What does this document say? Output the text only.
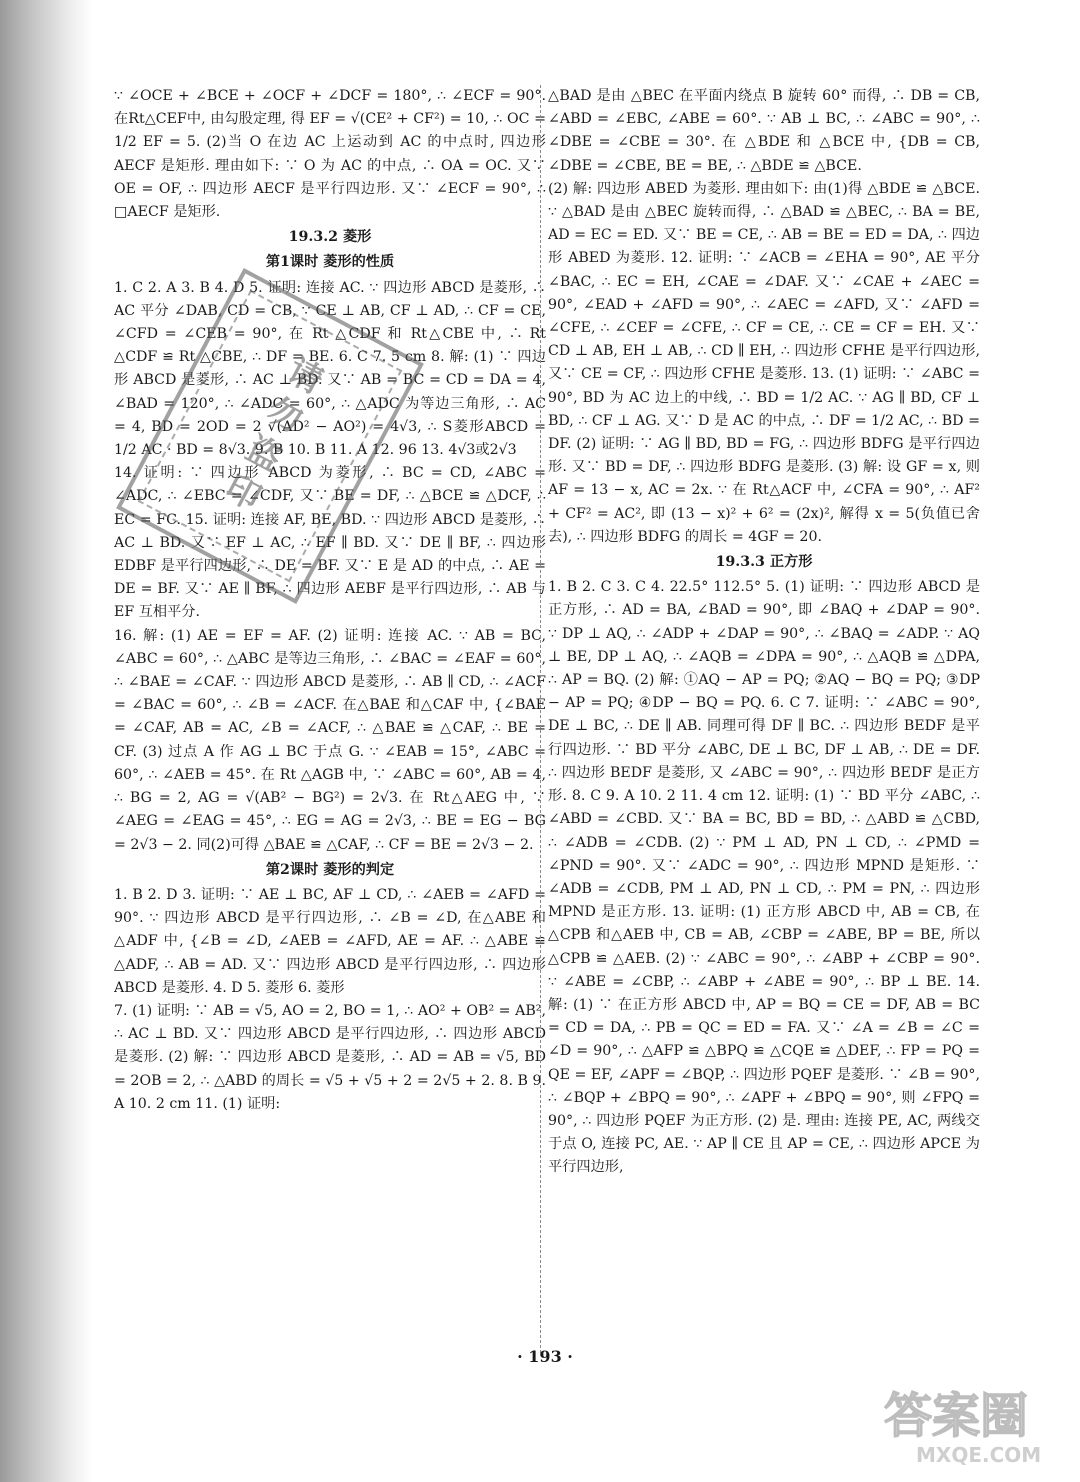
∵ ∠OCE + ∠BCE + ∠OCF + ∠DCF = 180°, ∴ ∠ECF = 90°. 在Rt△CEF中, 由勾股定理, 得 EF = √(CE² + CF²) = 10, ∴ OC = 1/2 EF = 5. (2)当 O 在边 AC 上运动到 AC 的中点时, 四边形 AECF 是矩形. 理由如下: ∵ O 为 AC 的中点, ∴ OA = OC. 又∵ OE = OF, ∴ 四边形 AECF 是平行四边形. 又∵ ∠ECF = 90°, ∴ □AECF 是矩形.

19.3.2 菱形
第1课时 菱形的性质

1. C 2. A 3. B 4. D 5. 证明: 连接 AC. ∵ 四边形 ABCD 是菱形, ∴ AC 平分 ∠DAB, CD = CB, ∵ CE ⊥ AB, CF ⊥ AD, ∴ CF = CE, ∠CFD = ∠CEB = 90°, 在 Rt △CDF 和 Rt△CBE 中, ∴ Rt △CDF ≌ Rt △CBE, ∴ DF = BE. 6. C 7. 5 cm 8. 解: (1) ∵ 四边形 ABCD 是菱形, ∴ AC ⊥ BD. 又∵ AB = BC = CD = DA = 4, ∠BAD = 120°, ∴ ∠ADC = 60°, ∴ △ADC 为等边三角形, ∴ AC = 4, BD = 2OD = 2 √(AD² − AO²) = 4√3, ∴ S菱形ABCD = 1/2 AC · BD = 8√3. 9. B 10. B 11. A 12. 96 13. 4√3或2√3

14. 证明: ∵ 四边形 ABCD 为菱形, ∴ BC = CD, ∠ABC = ∠ADC, ∴ ∠EBC = ∠CDF, 又∵ BE = DF, ∴ △BCE ≌ △DCF, ∴ EC = FC. 15. 证明: 连接 AF, BE, BD. ∵ 四边形 ABCD 是菱形, ∴ AC ⊥ BD. 又∵ EF ⊥ AC, ∴ EF ∥ BD. 又∵ DE ∥ BF, ∴ 四边形 EDBF 是平行四边形, ∴ DE = BF. 又∵ E 是 AD 的中点, ∴ AE = DE = BF. 又∵ AE ∥ BF, ∴ 四边形 AEBF 是平行四边形, ∴ AB 与 EF 互相平分.

16. 解: (1) AE = EF = AF. (2) 证明: 连接 AC. ∵ AB = BC, ∠ABC = 60°, ∴ △ABC 是等边三角形, ∴ ∠BAC = ∠EAF = 60°, ∴ ∠BAE = ∠CAF. ∵ 四边形 ABCD 是菱形, ∴ AB ∥ CD, ∴ ∠ACF = ∠BAC = 60°, ∴ ∠B = ∠ACF. 在△BAE 和△CAF 中, {∠BAE = ∠CAF, AB = AC, ∠B = ∠ACF, ∴ △BAE ≌ △CAF, ∴ BE = CF. (3) 过点 A 作 AG ⊥ BC 于点 G. ∵ ∠EAB = 15°, ∠ABC = 60°, ∴ ∠AEB = 45°. 在 Rt △AGB 中, ∵ ∠ABC = 60°, AB = 4, ∴ BG = 2, AG = √(AB² − BG²) = 2√3. 在 Rt△AEG 中, ∵ ∠AEG = ∠EAG = 45°, ∴ EG = AG = 2√3, ∴ BE = EG − BG = 2√3 − 2. 同(2)可得 △BAE ≌ △CAF, ∴ CF = BE = 2√3 − 2.

第2课时 菱形的判定

1. B 2. D 3. 证明: ∵ AE ⊥ BC, AF ⊥ CD, ∴ ∠AEB = ∠AFD = 90°. ∵ 四边形 ABCD 是平行四边形, ∴ ∠B = ∠D, 在△ABE 和△ADF 中, {∠B = ∠D, ∠AEB = ∠AFD, AE = AF. ∴ △ABE ≌ △ADF, ∴ AB = AD. 又∵ 四边形 ABCD 是平行四边形, ∴ 四边形 ABCD 是菱形. 4. D 5. 菱形 6. 菱形

7. (1) 证明: ∵ AB = √5, AO = 2, BO = 1, ∴ AO² + OB² = AB², ∴ AC ⊥ BD. 又∵ 四边形 ABCD 是平行四边形, ∴ 四边形 ABCD 是菱形. (2) 解: ∵ 四边形 ABCD 是菱形, ∴ AD = AB = √5, BD = 2OB = 2, ∴ △ABD 的周长 = √5 + √5 + 2 = 2√5 + 2. 8. B 9. A 10. 2 cm 11. (1) 证明:

△BAD 是由 △BEC 在平面内绕点 B 旋转 60° 而得, ∴ DB = CB, ∠ABD = ∠EBC, ∠ABE = 60°. ∵ AB ⊥ BC, ∴ ∠ABC = 90°, ∴ ∠DBE = ∠CBE = 30°. 在 △BDE 和 △BCE 中, {DB = CB, ∠DBE = ∠CBE, BE = BE, ∴ △BDE ≌ △BCE.

(2) 解: 四边形 ABED 为菱形. 理由如下: 由(1)得 △BDE ≌ △BCE. ∵ △BAD 是由 △BEC 旋转而得, ∴ △BAD ≌ △BEC, ∴ BA = BE, AD = EC = ED. 又∵ BE = CE, ∴ AB = BE = ED = DA, ∴ 四边形 ABED 为菱形. 12. 证明: ∵ ∠ACB = ∠EHA = 90°, AE 平分 ∠BAC, ∴ EC = EH, ∠CAE = ∠DAF. 又∵ ∠CAE + ∠AEC = 90°, ∠EAD + ∠AFD = 90°, ∴ ∠AEC = ∠AFD, 又∵ ∠AFD = ∠CFE, ∴ ∠CEF = ∠CFE, ∴ CF = CE, ∴ CE = CF = EH. 又∵ CD ⊥ AB, EH ⊥ AB, ∴ CD ∥ EH, ∴ 四边形 CFHE 是平行四边形, 又∵ CE = CF, ∴ 四边形 CFHE 是菱形. 13. (1) 证明: ∵ ∠ABC = 90°, BD 为 AC 边上的中线, ∴ BD = 1/2 AC. ∵ AG ∥ BD, CF ⊥ BD, ∴ CF ⊥ AG. 又∵ D 是 AC 的中点, ∴ DF = 1/2 AC, ∴ BD = DF. (2) 证明: ∵ AG ∥ BD, BD = FG, ∴ 四边形 BDFG 是平行四边形. 又∵ BD = DF, ∴ 四边形 BDFG 是菱形. (3) 解: 设 GF = x, 则 AF = 13 − x, AC = 2x. ∵ 在 Rt△ACF 中, ∠CFA = 90°, ∴ AF² + CF² = AC², 即 (13 − x)² + 6² = (2x)², 解得 x = 5(负值已舍去), ∴ 四边形 BDFG 的周长 = 4GF = 20.

19.3.3 正方形

1. B 2. C 3. C 4. 22.5° 112.5° 5. (1) 证明: ∵ 四边形 ABCD 是正方形, ∴ AD = BA, ∠BAD = 90°, 即 ∠BAQ + ∠DAP = 90°. ∵ DP ⊥ AQ, ∴ ∠ADP + ∠DAP = 90°, ∴ ∠BAQ = ∠ADP. ∵ AQ ⊥ BE, DP ⊥ AQ, ∴ ∠AQB = ∠DPA = 90°, ∴ △AQB ≌ △DPA, ∴ AP = BQ. (2) 解: ①AQ − AP = PQ; ②AQ − BQ = PQ; ③DP − AP = PQ; ④DP − BQ = PQ. 6. C 7. 证明: ∵ ∠ABC = 90°, DE ⊥ BC, ∴ DE ∥ AB. 同理可得 DF ∥ BC. ∴ 四边形 BEDF 是平行四边形. ∵ BD 平分 ∠ABC, DE ⊥ BC, DF ⊥ AB, ∴ DE = DF. ∴ 四边形 BEDF 是菱形, 又 ∠ABC = 90°, ∴ 四边形 BEDF 是正方形. 8. C 9. A 10. 2 11. 4 cm 12. 证明: (1) ∵ BD 平分 ∠ABC, ∴ ∠ABD = ∠CBD. 又∵ BA = BC, BD = BD, ∴ △ABD ≌ △CBD, ∴ ∠ADB = ∠CDB. (2) ∵ PM ⊥ AD, PN ⊥ CD, ∴ ∠PMD = ∠PND = 90°. 又∵ ∠ADC = 90°, ∴ 四边形 MPND 是矩形. ∵ ∠ADB = ∠CDB, PM ⊥ AD, PN ⊥ CD, ∴ PM = PN, ∴ 四边形 MPND 是正方形. 13. 证明: (1) 正方形 ABCD 中, AB = CB, 在△CPB 和△AEB 中, CB = AB, ∠CBP = ∠ABE, BP = BE, 所以 △CPB ≌ △AEB. (2) ∵ ∠ABC = 90°, ∴ ∠ABP + ∠CBP = 90°. ∵ ∠ABE = ∠CBP, ∴ ∠ABP + ∠ABE = 90°, ∴ BP ⊥ BE. 14. 解: (1) ∵ 在正方形 ABCD 中, AP = BQ = CE = DF, AB = BC = CD = DA, ∴ PB = QC = ED = FA. 又∵ ∠A = ∠B = ∠C = ∠D = 90°, ∴ △AFP ≌ △BPQ ≌ △CQE ≌ △DEF, ∴ FP = PQ = QE = EF, ∠APF = ∠BQP, ∴ 四边形 PQEF 是菱形. ∵ ∠B = 90°, ∴ ∠BQP + ∠BPQ = 90°, ∴ ∠APF + ∠BPQ = 90°, 则 ∠FPQ = 90°, ∴ 四边形 PQEF 为正方形. (2) 是. 理由: 连接 PE, AC, 两线交于点 O, 连接 PC, AE. ∵ AP ∥ CE 且 AP = CE, ∴ 四边形 APCE 为平行四边形,

· 193 ·
请勿盗印
答案圈
MXQE.COM
